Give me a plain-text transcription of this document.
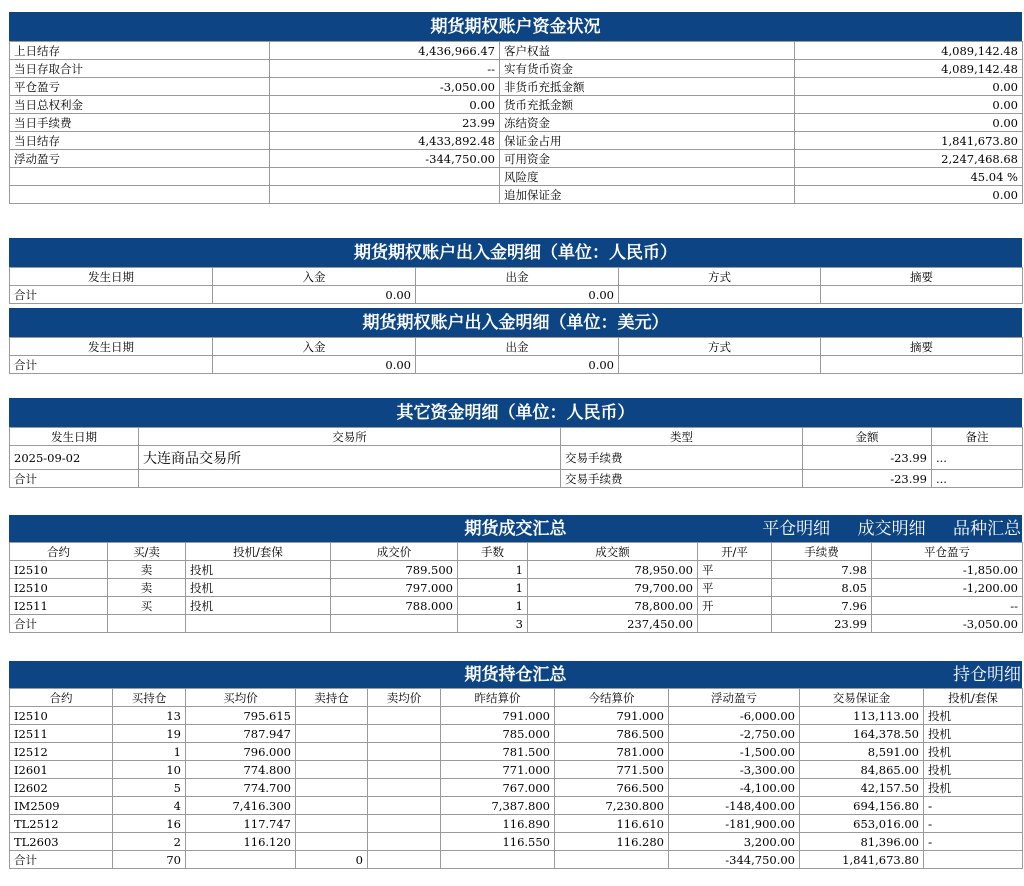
期货期权账户资金状况
上日结存	4,436,966.47	客户权益	4,089,142.48
当日存取合计	--	实有货币资金	4,089,142.48
平仓盈亏	-3,050.00	非货币充抵金额	0.00
当日总权利金	0.00	货币充抵金额	0.00
当日手续费	23.99	冻结资金	0.00
当日结存	4,433,892.48	保证金占用	1,841,673.80
浮动盈亏	-344,750.00	可用资金	2,247,468.68
		风险度	45.04 %
		追加保证金	0.00
期货期权账户出入金明细（单位：人民币）
发生日期	入金	出金	方式	摘要
合计	0.00	0.00		
期货期权账户出入金明细（单位：美元）
发生日期	入金	出金	方式	摘要
合计	0.00	0.00		
其它资金明细（单位：人民币）
发生日期	交易所	类型	金额	备注
2025-09-02	大连商品交易所	交易手续费	-23.99	...
合计		交易手续费	-23.99	...
期货成交汇总	平仓明细 成交明细 品种汇总
合约	买/卖	投机/套保	成交价	手数	成交额	开/平	手续费	平仓盈亏
I2510	卖	投机	789.500	1	78,950.00	平	7.98	-1,850.00
I2510	卖	投机	797.000	1	79,700.00	平	8.05	-1,200.00
I2511	买	投机	788.000	1	78,800.00	开	7.96	--
合计				3	237,450.00		23.99	-3,050.00
期货持仓汇总	持仓明细
合约	买持仓	买均价	卖持仓	卖均价	昨结算价	今结算价	浮动盈亏	交易保证金	投机/套保
I2510	13	795.615			791.000	791.000	-6,000.00	113,113.00	投机
I2511	19	787.947			785.000	786.500	-2,750.00	164,378.50	投机
I2512	1	796.000			781.500	781.000	-1,500.00	8,591.00	投机
I2601	10	774.800			771.000	771.500	-3,300.00	84,865.00	投机
I2602	5	774.700			767.000	766.500	-4,100.00	42,157.50	投机
IM2509	4	7,416.300			7,387.800	7,230.800	-148,400.00	694,156.80	-
TL2512	16	117.747			116.890	116.610	-181,900.00	653,016.00	-
TL2603	2	116.120			116.550	116.280	3,200.00	81,396.00	-
合计	70		0				-344,750.00	1,841,673.80	
